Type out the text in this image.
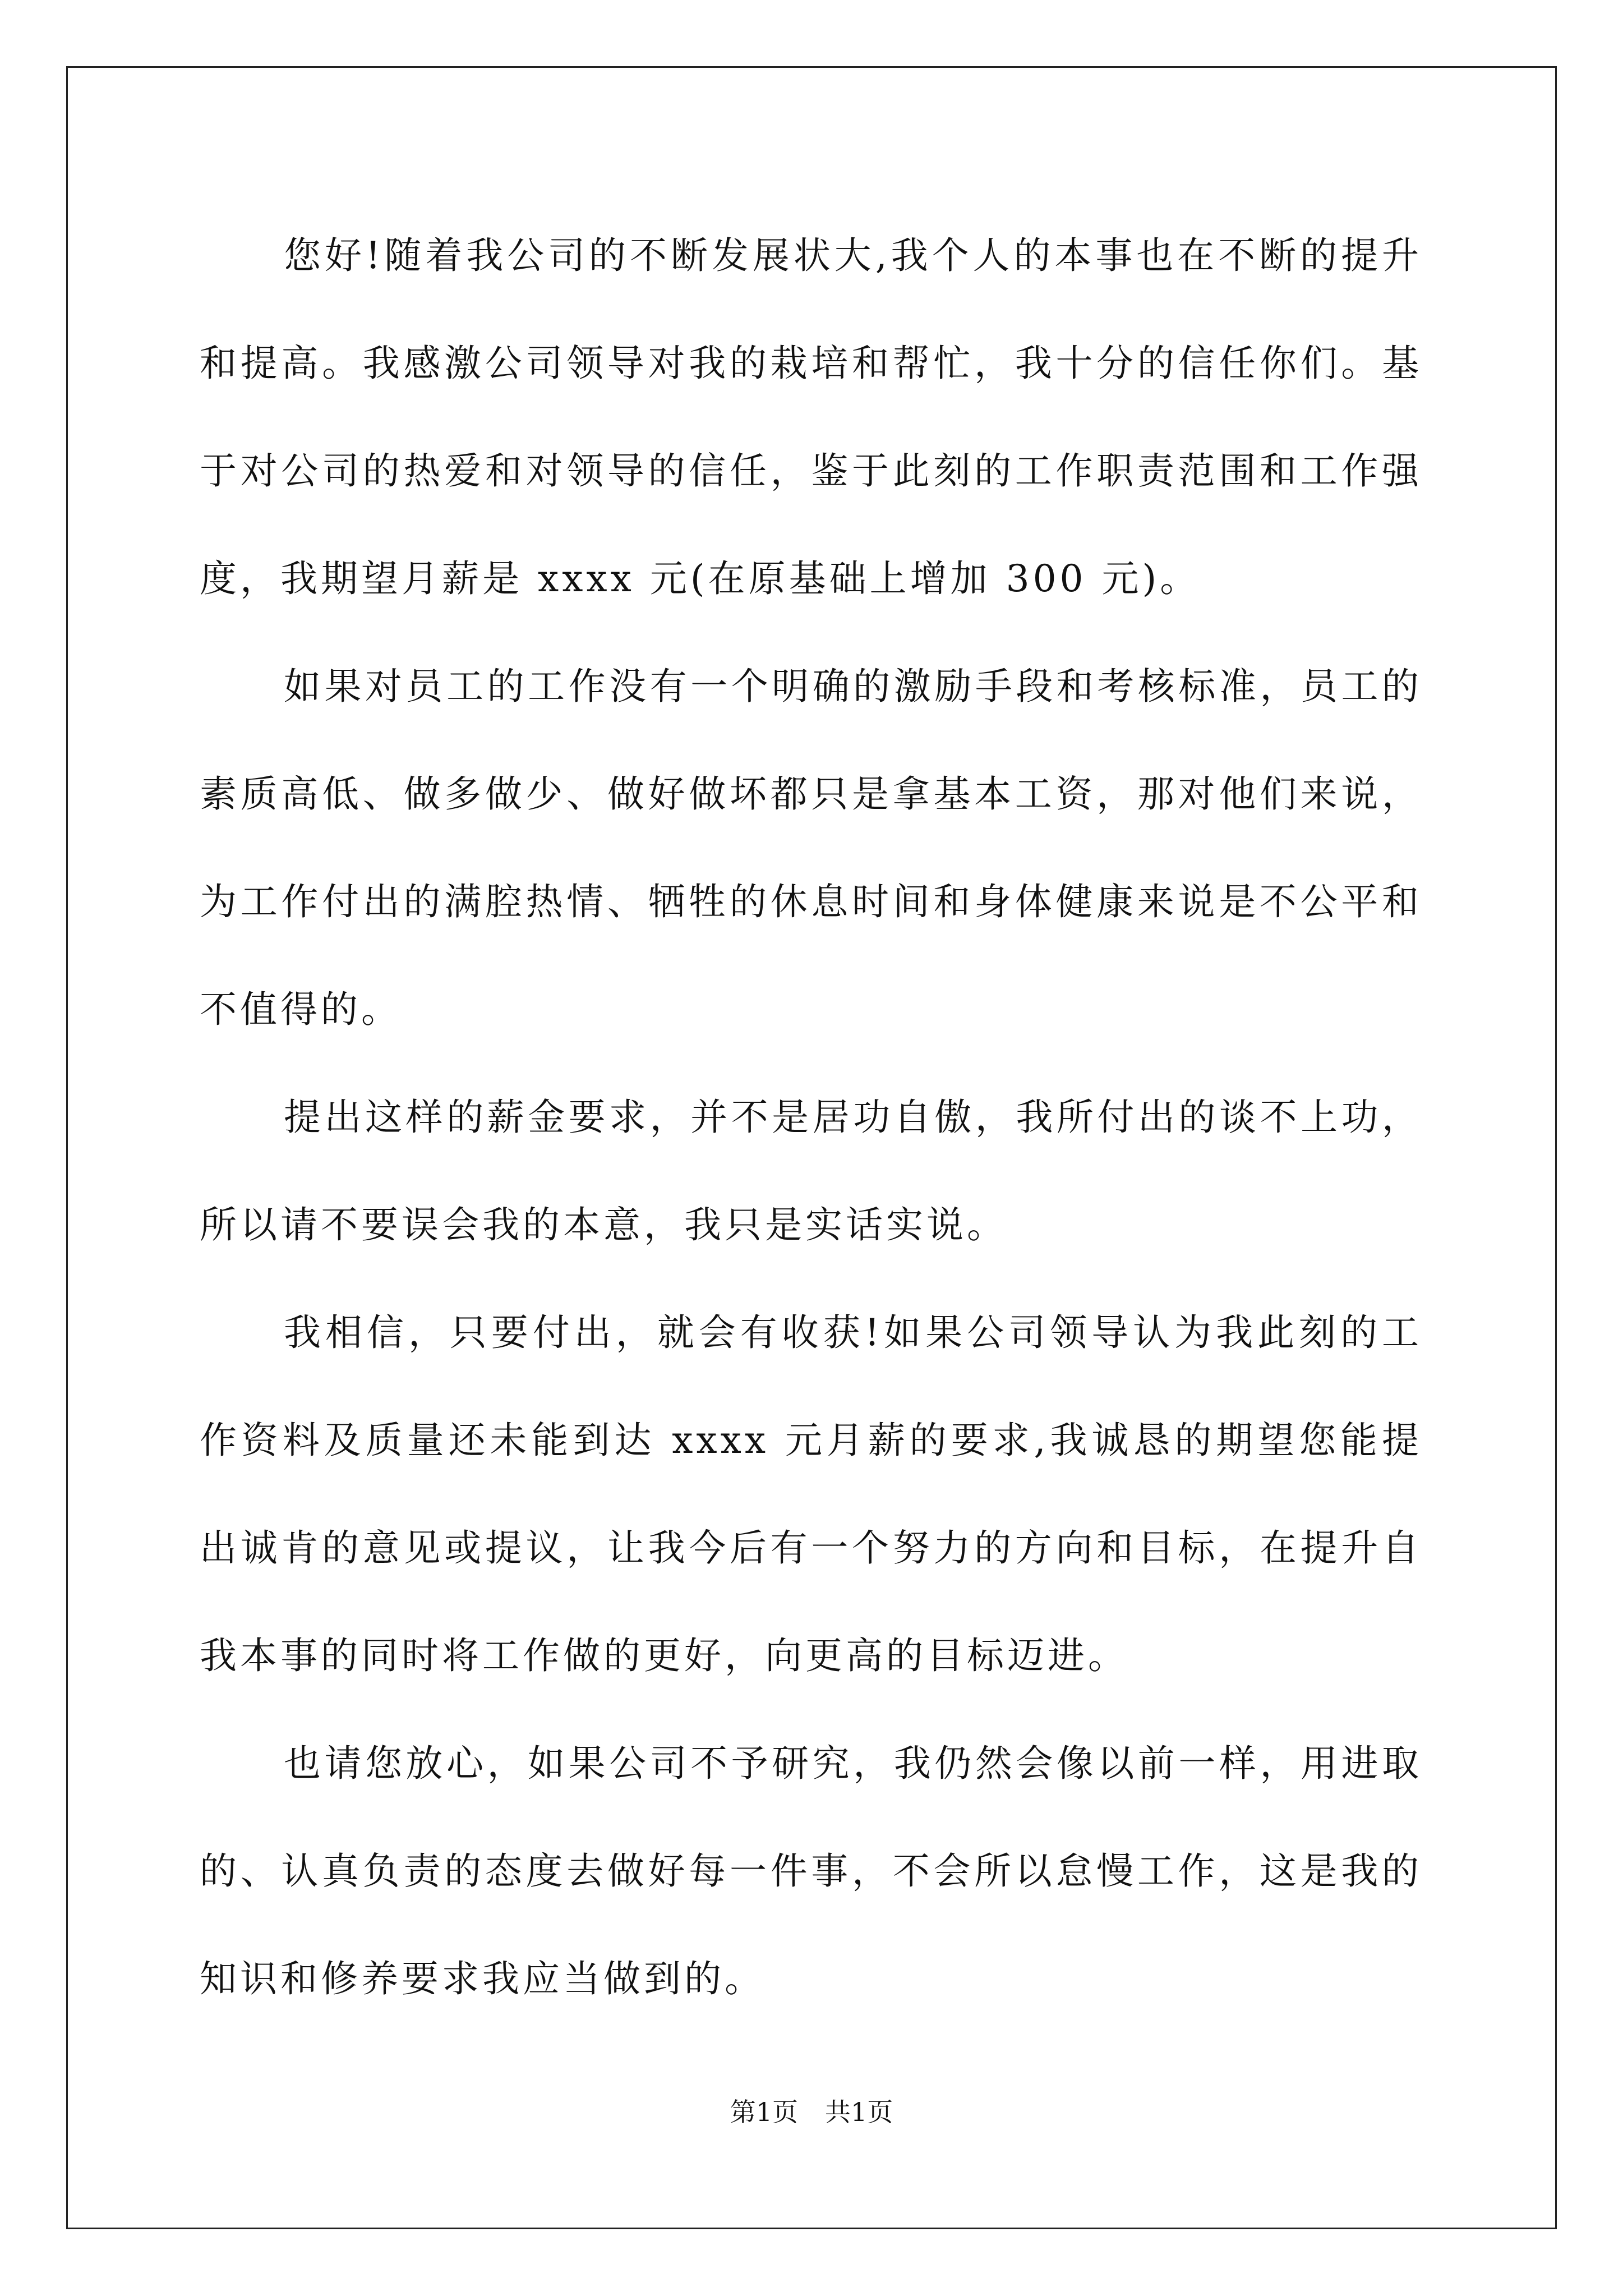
您好!随着我公司的不断发展状大,我个人的本事也在不断的提升和提高。我感激公司领导对我的栽培和帮忙，我十分的信任你们。基于对公司的热爱和对领导的信任，鉴于此刻的工作职责范围和工作强度，我期望月薪是 xxxx 元(在原基础上增加 300 元)。

如果对员工的工作没有一个明确的激励手段和考核标准，员工的素质高低、做多做少、做好做坏都只是拿基本工资，那对他们来说，为工作付出的满腔热情、牺牲的休息时间和身体健康来说是不公平和不值得的。

提出这样的薪金要求，并不是居功自傲，我所付出的谈不上功，所以请不要误会我的本意，我只是实话实说。

我相信，只要付出，就会有收获!如果公司领导认为我此刻的工作资料及质量还未能到达 xxxx 元月薪的要求,我诚恳的期望您能提出诚肯的意见或提议，让我今后有一个努力的方向和目标，在提升自我本事的同时将工作做的更好，向更高的目标迈进。

也请您放心，如果公司不予研究，我仍然会像以前一样，用进取的、认真负责的态度去做好每一件事，不会所以怠慢工作，这是我的知识和修养要求我应当做到的。

第1页 共1页
